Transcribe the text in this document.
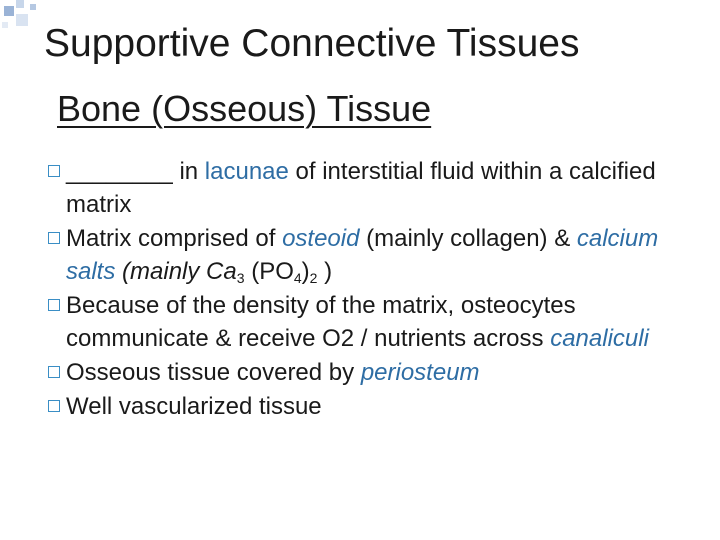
Supportive Connective Tissues
Bone (Osseous) Tissue
________ in lacunae of interstitial fluid within a calcified matrix
Matrix comprised of osteoid (mainly collagen) & calcium salts (mainly $Ca_3$ $(PO_4)_2$ )
Because of the density of the matrix, osteocytes communicate & receive O2 / nutrients across canaliculi
Osseous tissue covered by periosteum
Well vascularized tissue
